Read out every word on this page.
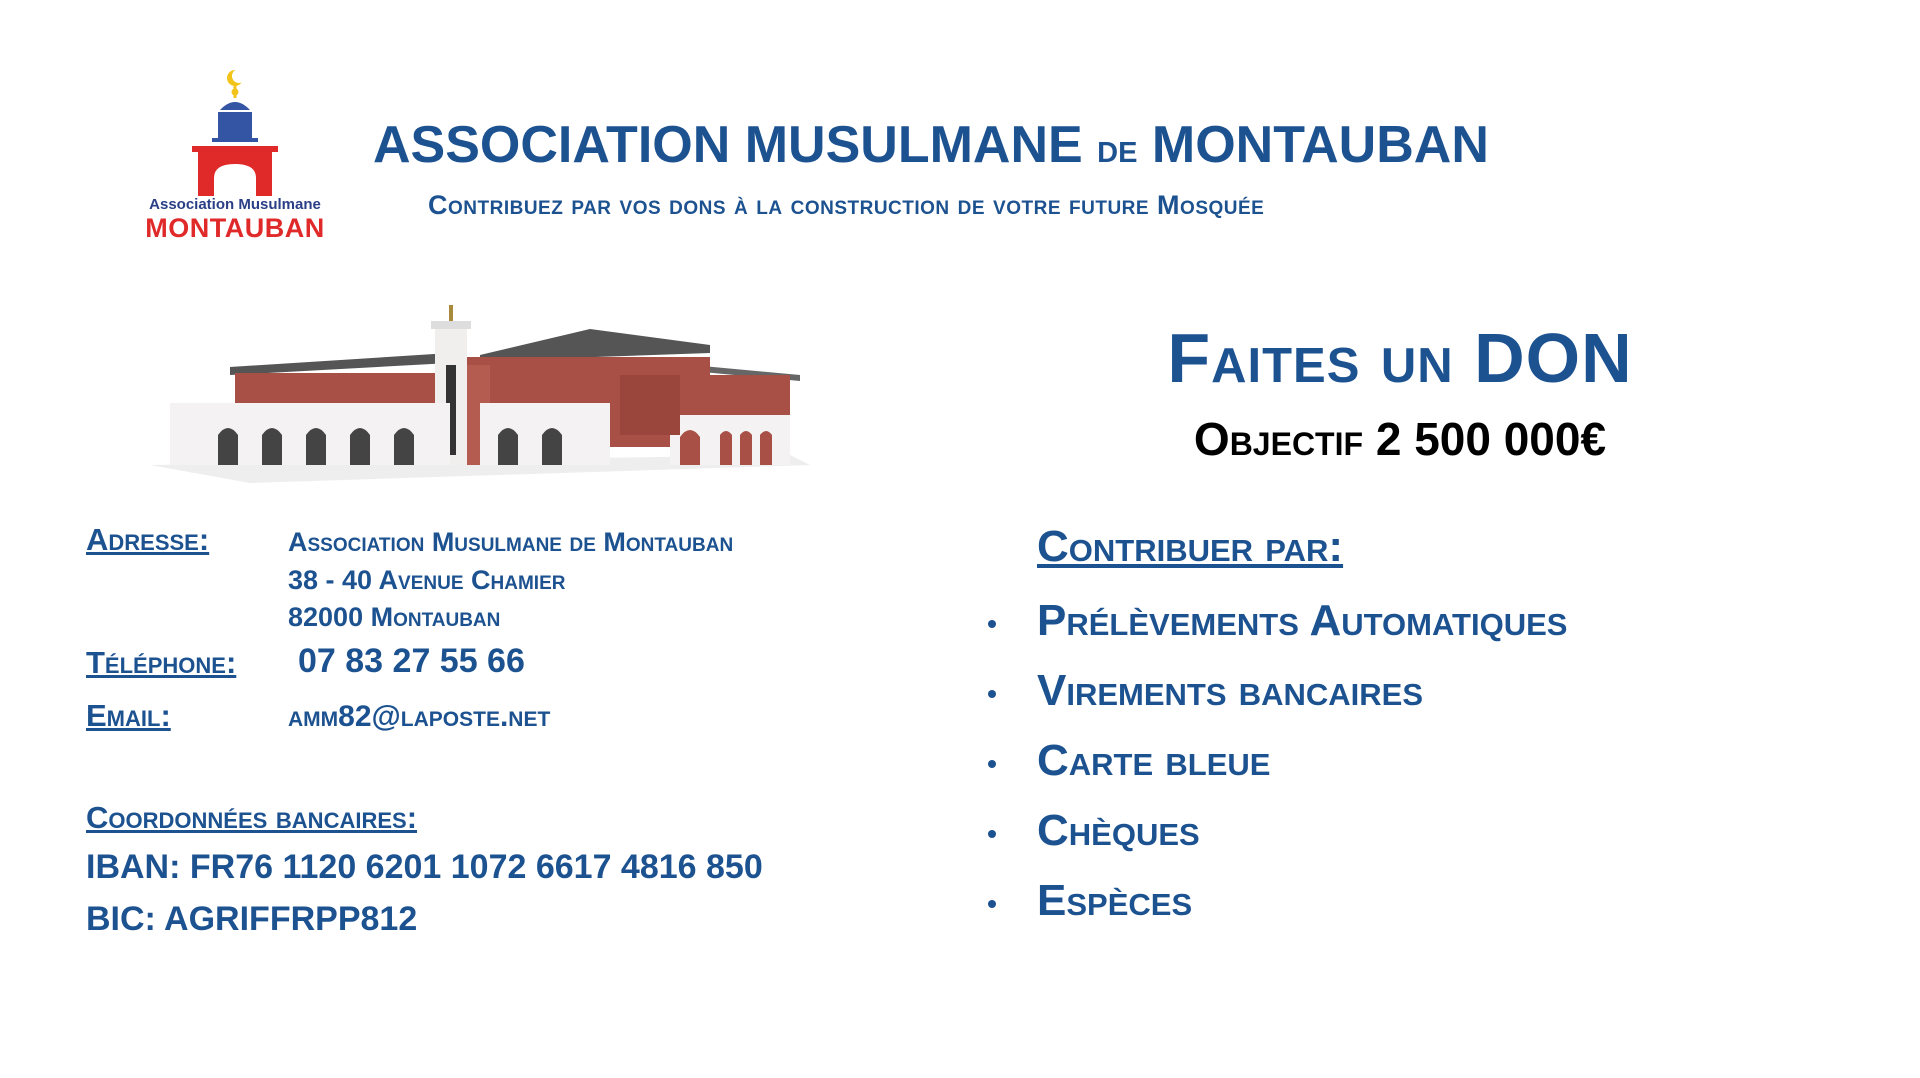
Association Musulmane
MONTAUBAN
ASSOCIATION MUSULMANE de MONTAUBAN
Contribuez par vos dons à la construction de votre future Mosquée
Faites un DON
Objectif 2 500 000€
Adresse:	Association Musulmane de Montauban
38 - 40 Avenue Chamier
82000 Montauban
Téléphone: 07 83 27 55 66
Email:	amm82@laposte.net
Coordonnées bancaires:
IBAN: FR76 1120 6201 1072 6617 4816 850
BIC: AGRIFFRPP812
Contribuer par:
Prélèvements Automatiques
Virements bancaires
Carte bleue
Chèques
Espèces
